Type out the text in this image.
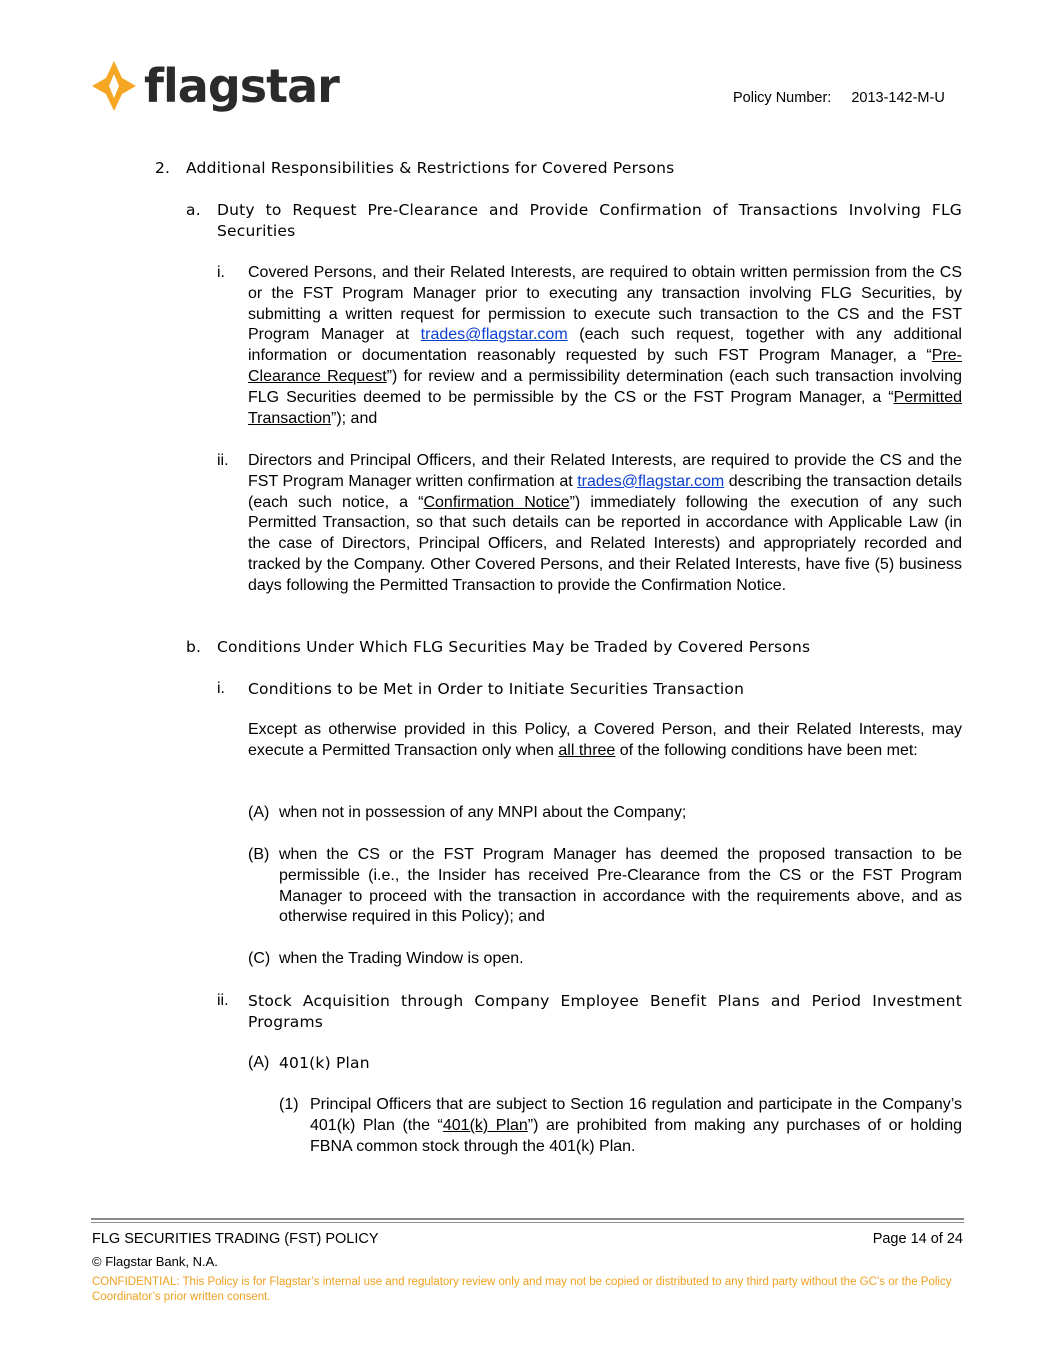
flagstar	Policy Number: 2013-142-M-U
2. Additional Responsibilities & Restrictions for Covered Persons
a. Duty to Request Pre-Clearance and Provide Confirmation of Transactions Involving FLG
Securities
i. Covered Persons, and their Related Interests, are required to obtain written permission from the CS or the FST Program Manager prior to executing any transaction involving FLG Securities, by submitting a written request for permission to execute such transaction to the CS and the FST Program Manager at trades@flagstar.com (each such request, together with any additional information or documentation reasonably requested by such FST Program Manager, a “Pre-Clearance Request”) for review and a permissibility determination (each such transaction involving FLG Securities deemed to be permissible by the CS or the FST Program Manager, a “Permitted Transaction”); and

ii. Directors and Principal Officers, and their Related Interests, are required to provide the CS and the FST Program Manager written confirmation at trades@flagstar.com describing the transaction details (each such notice, a “Confirmation Notice”) immediately following the execution of any such Permitted Transaction, so that such details can be reported in accordance with Applicable Law (in the case of Directors, Principal Officers, and Related Interests) and appropriately recorded and tracked by the Company. Other Covered Persons, and their Related Interests, have five (5) business days following the Permitted Transaction to provide the Confirmation Notice.

b. Conditions Under Which FLG Securities May be Traded by Covered Persons
i. Conditions to be Met in Order to Initiate Securities Transaction

Except as otherwise provided in this Policy, a Covered Person, and their Related Interests, may execute a Permitted Transaction only when all three of the following conditions have been met:

(A) when not in possession of any MNPI about the Company;
(B) when the CS or the FST Program Manager has deemed the proposed transaction to be permissible (i.e., the Insider has received Pre-Clearance from the CS or the FST Program Manager to proceed with the transaction in accordance with the requirements above, and as otherwise required in this Policy); and
(C) when the Trading Window is open.
ii. Stock Acquisition through Company Employee Benefit Plans and Period Investment
Programs
(A) 401(k) Plan
(1) Principal Officers that are subject to Section 16 regulation and participate in the Company’s 401(k) Plan (the “401(k) Plan”) are prohibited from making any purchases of or holding FBNA common stock through the 401(k) Plan.

FLG SECURITIES TRADING (FST) POLICY	Page 14 of 24
© Flagstar Bank, N.A.
CONFIDENTIAL: This Policy is for Flagstar’s internal use and regulatory review only and may not be copied or distributed to any third party without the GC’s or the Policy Coordinator’s prior written consent.
